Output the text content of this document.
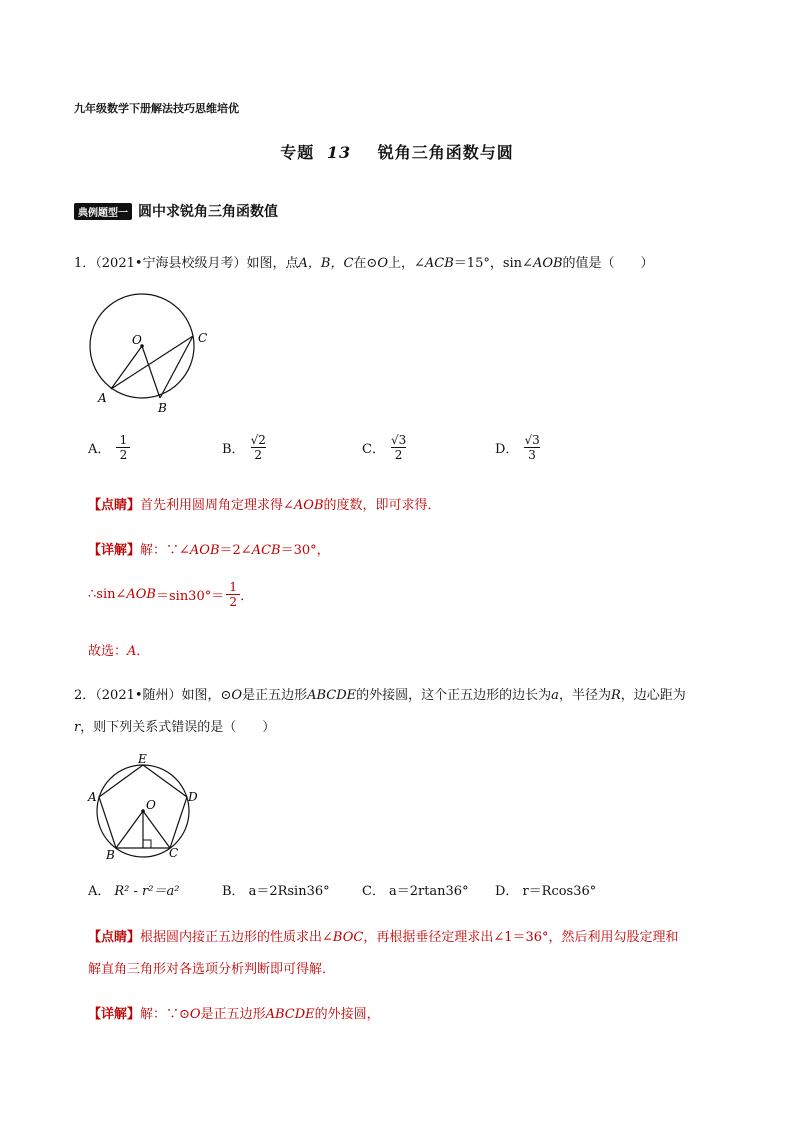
九年级数学下册解法技巧思维培优
专题 13 锐角三角函数与圆
典例题型一 圆中求锐角三角函数值
1．（2021•宁海县校级月考）如图，点A，B，C在⊙O上，∠ACB＝15°，sin∠AOB的值是（　　）
O
A
B
C
A． $\frac{1}{2}$	B． $\frac{√2}{2}$	C． $\frac{√3}{2}$	D． $\frac{√3}{3}$
【点睛】首先利用圆周角定理求得∠AOB的度数，即可求得．
【详解】解：∵∠AOB＝2∠ACB＝30°，
∴sin∠ AOB $=\sin 30^\circ= \frac{1}{2}$ ．
故选：A．
2．（2021•随州）如图，⊙O是正五边形ABCDE的外接圆，这个正五边形的边长为a，半径为R，边心距为
r，则下列关系式错误的是（　　）
E
A	D
O
B	C
A． R² - r²＝a²	B． a＝2Rsin36° C． a＝2rtan36° D． r＝Rcos36°
【点睛】根据圆内接正五边形的性质求出∠BOC，再根据垂径定理求出∠1＝36°，然后利用勾股定理和
解直角三角形对各选项分析判断即可得解．
【详解】解：∵⊙O是正五边形ABCDE的外接圆，
